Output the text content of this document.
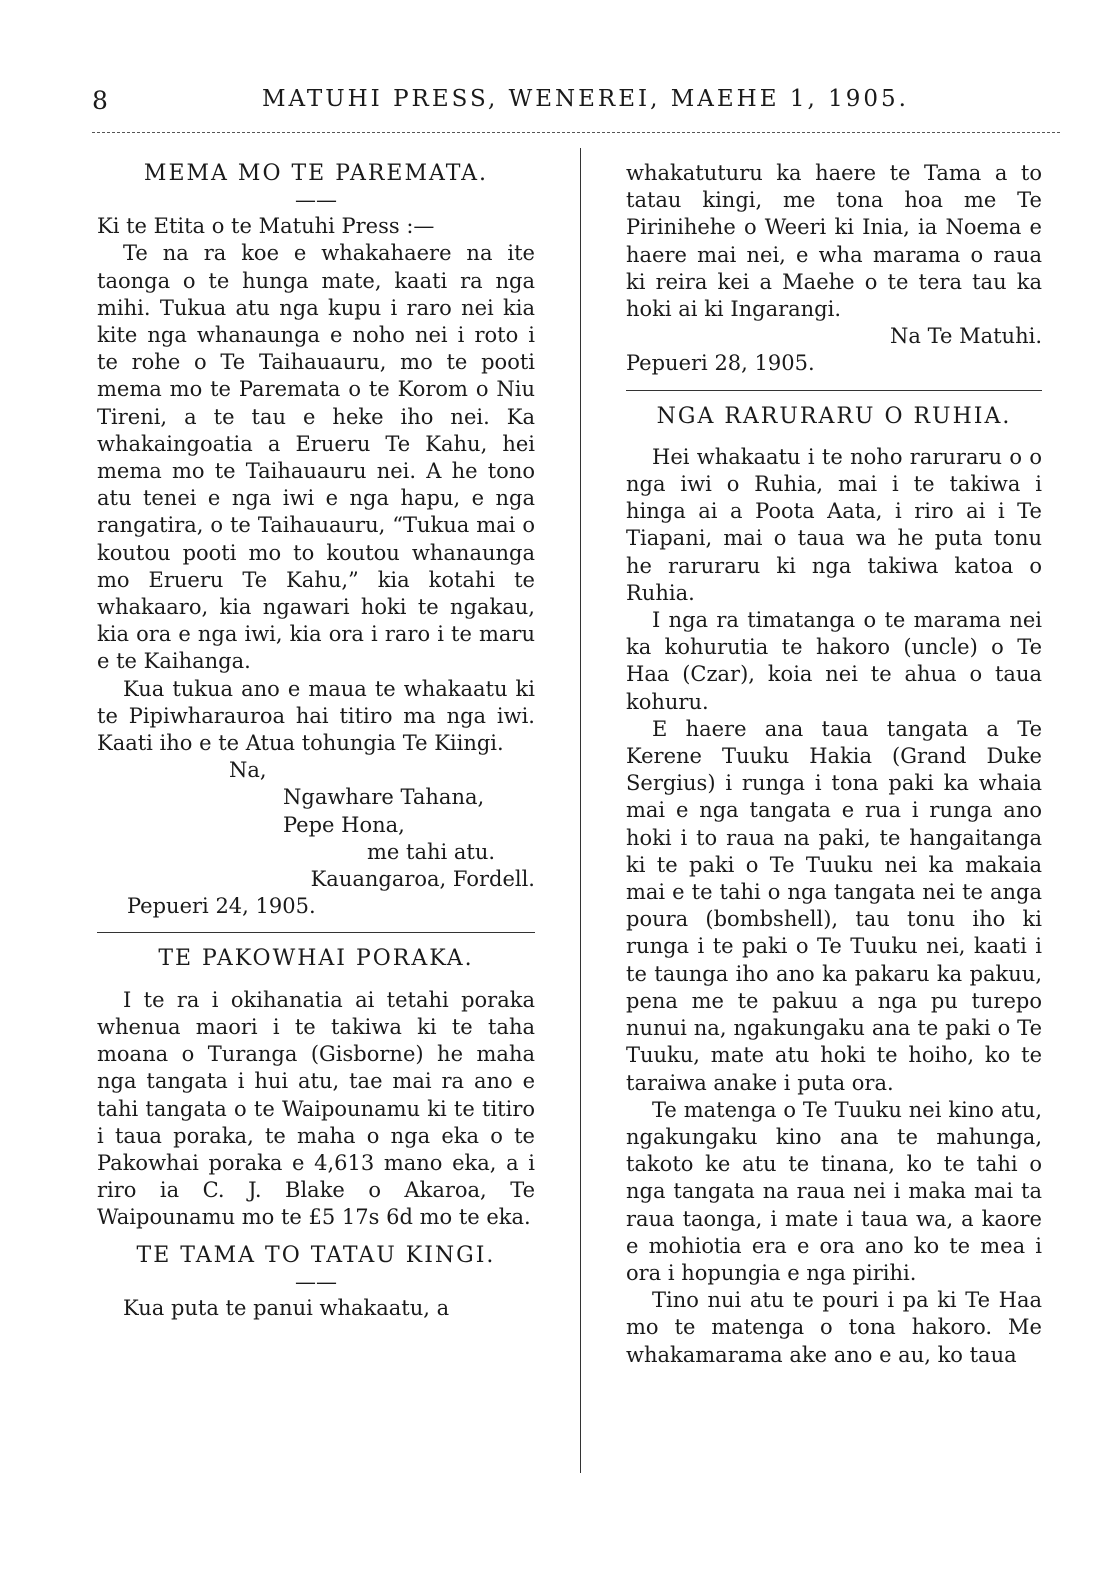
8	MATUHI PRESS, WENEREI, MAEHE 1, 1905.

MEMA MO TE PAREMATA.

——

Ki te Etita o te Matuhi Press :—

Te na ra koe e whakahaere na ite taonga o te hunga mate, kaati ra nga mihi. Tukua atu nga kupu i raro nei kia kite nga whanaunga e noho nei i roto i te rohe o Te Taihauauru, mo te pooti mema mo te Paremata o te Korom o Niu Tireni, a te tau e heke iho nei. Ka whakaingoatia a Erueru Te Kahu, hei mema mo te Taihauauru nei. A he tono atu tenei e nga iwi e nga hapu, e nga rangatira, o te Taihauauru, “Tukua mai o koutou pooti mo to koutou whanaunga mo Erueru Te Kahu,” kia kotahi te whakaaro, kia ngawari hoki te ngakau, kia ora e nga iwi, kia ora i raro i te maru e te Kaihanga.

Kua tukua ano e maua te whakaatu ki te Pipiwharauroa hai titiro ma nga iwi. Kaati iho e te Atua tohungia Te Kiingi.

Na,

Ngawhare Tahana,

Pepe Hona,

me tahi atu.

Kauangaroa, Fordell.

Pepueri 24, 1905.

TE PAKOWHAI PORAKA.

I te ra i okihanatia ai tetahi poraka whenua maori i te takiwa ki te taha moana o Turanga (Gisborne) he maha nga tangata i hui atu, tae mai ra ano e tahi tangata o te Waipounamu ki te titiro i taua poraka, te maha o nga eka o te Pakowhai poraka e 4,613 mano eka, a i riro ia C. J. Blake o Akaroa, Te Waipounamu mo te £5 17s 6d mo te eka.

TE TAMA TO TATAU KINGI.

——

Kua puta te panui whakaatu, a

whakatuturu ka haere te Tama a to tatau kingi, me tona hoa me Te Pirinihehe o Weeri ki Inia, ia Noema e haere mai nei, e wha marama o raua ki reira kei a Maehe o te tera tau ka hoki ai ki Ingarangi.

Na Te Matuhi.

Pepueri 28, 1905.

NGA RARURARU O RUHIA.

Hei whakaatu i te noho raruraru o o nga iwi o Ruhia, mai i te takiwa i hinga ai a Poota Aata, i riro ai i Te Tiapani, mai o taua wa he puta tonu he raruraru ki nga takiwa katoa o Ruhia.

I nga ra timatanga o te marama nei ka kohurutia te hakoro (uncle) o Te Haa (Czar), koia nei te ahua o taua kohuru.

E haere ana taua tangata a Te Kerene Tuuku Hakia (Grand Duke Sergius) i runga i tona paki ka whaia mai e nga tangata e rua i runga ano hoki i to raua na paki, te hangaitanga ki te paki o Te Tuuku nei ka makaia mai e te tahi o nga tangata nei te anga poura (bombshell), tau tonu iho ki runga i te paki o Te Tuuku nei, kaati i te taunga iho ano ka pakaru ka pakuu, pena me te pakuu a nga pu turepo nunui na, ngakungaku ana te paki o Te Tuuku, mate atu hoki te hoiho, ko te taraiwa anake i puta ora.

Te matenga o Te Tuuku nei kino atu, ngakungaku kino ana te mahunga, takoto ke atu te tinana, ko te tahi o nga tangata na raua nei i maka mai ta raua taonga, i mate i taua wa, a kaore e mohiotia era e ora ano ko te mea i ora i hopungia e nga pirihi.

Tino nui atu te pouri i pa ki Te Haa mo te matenga o tona hakoro. Me whakamarama ake ano e au, ko taua
